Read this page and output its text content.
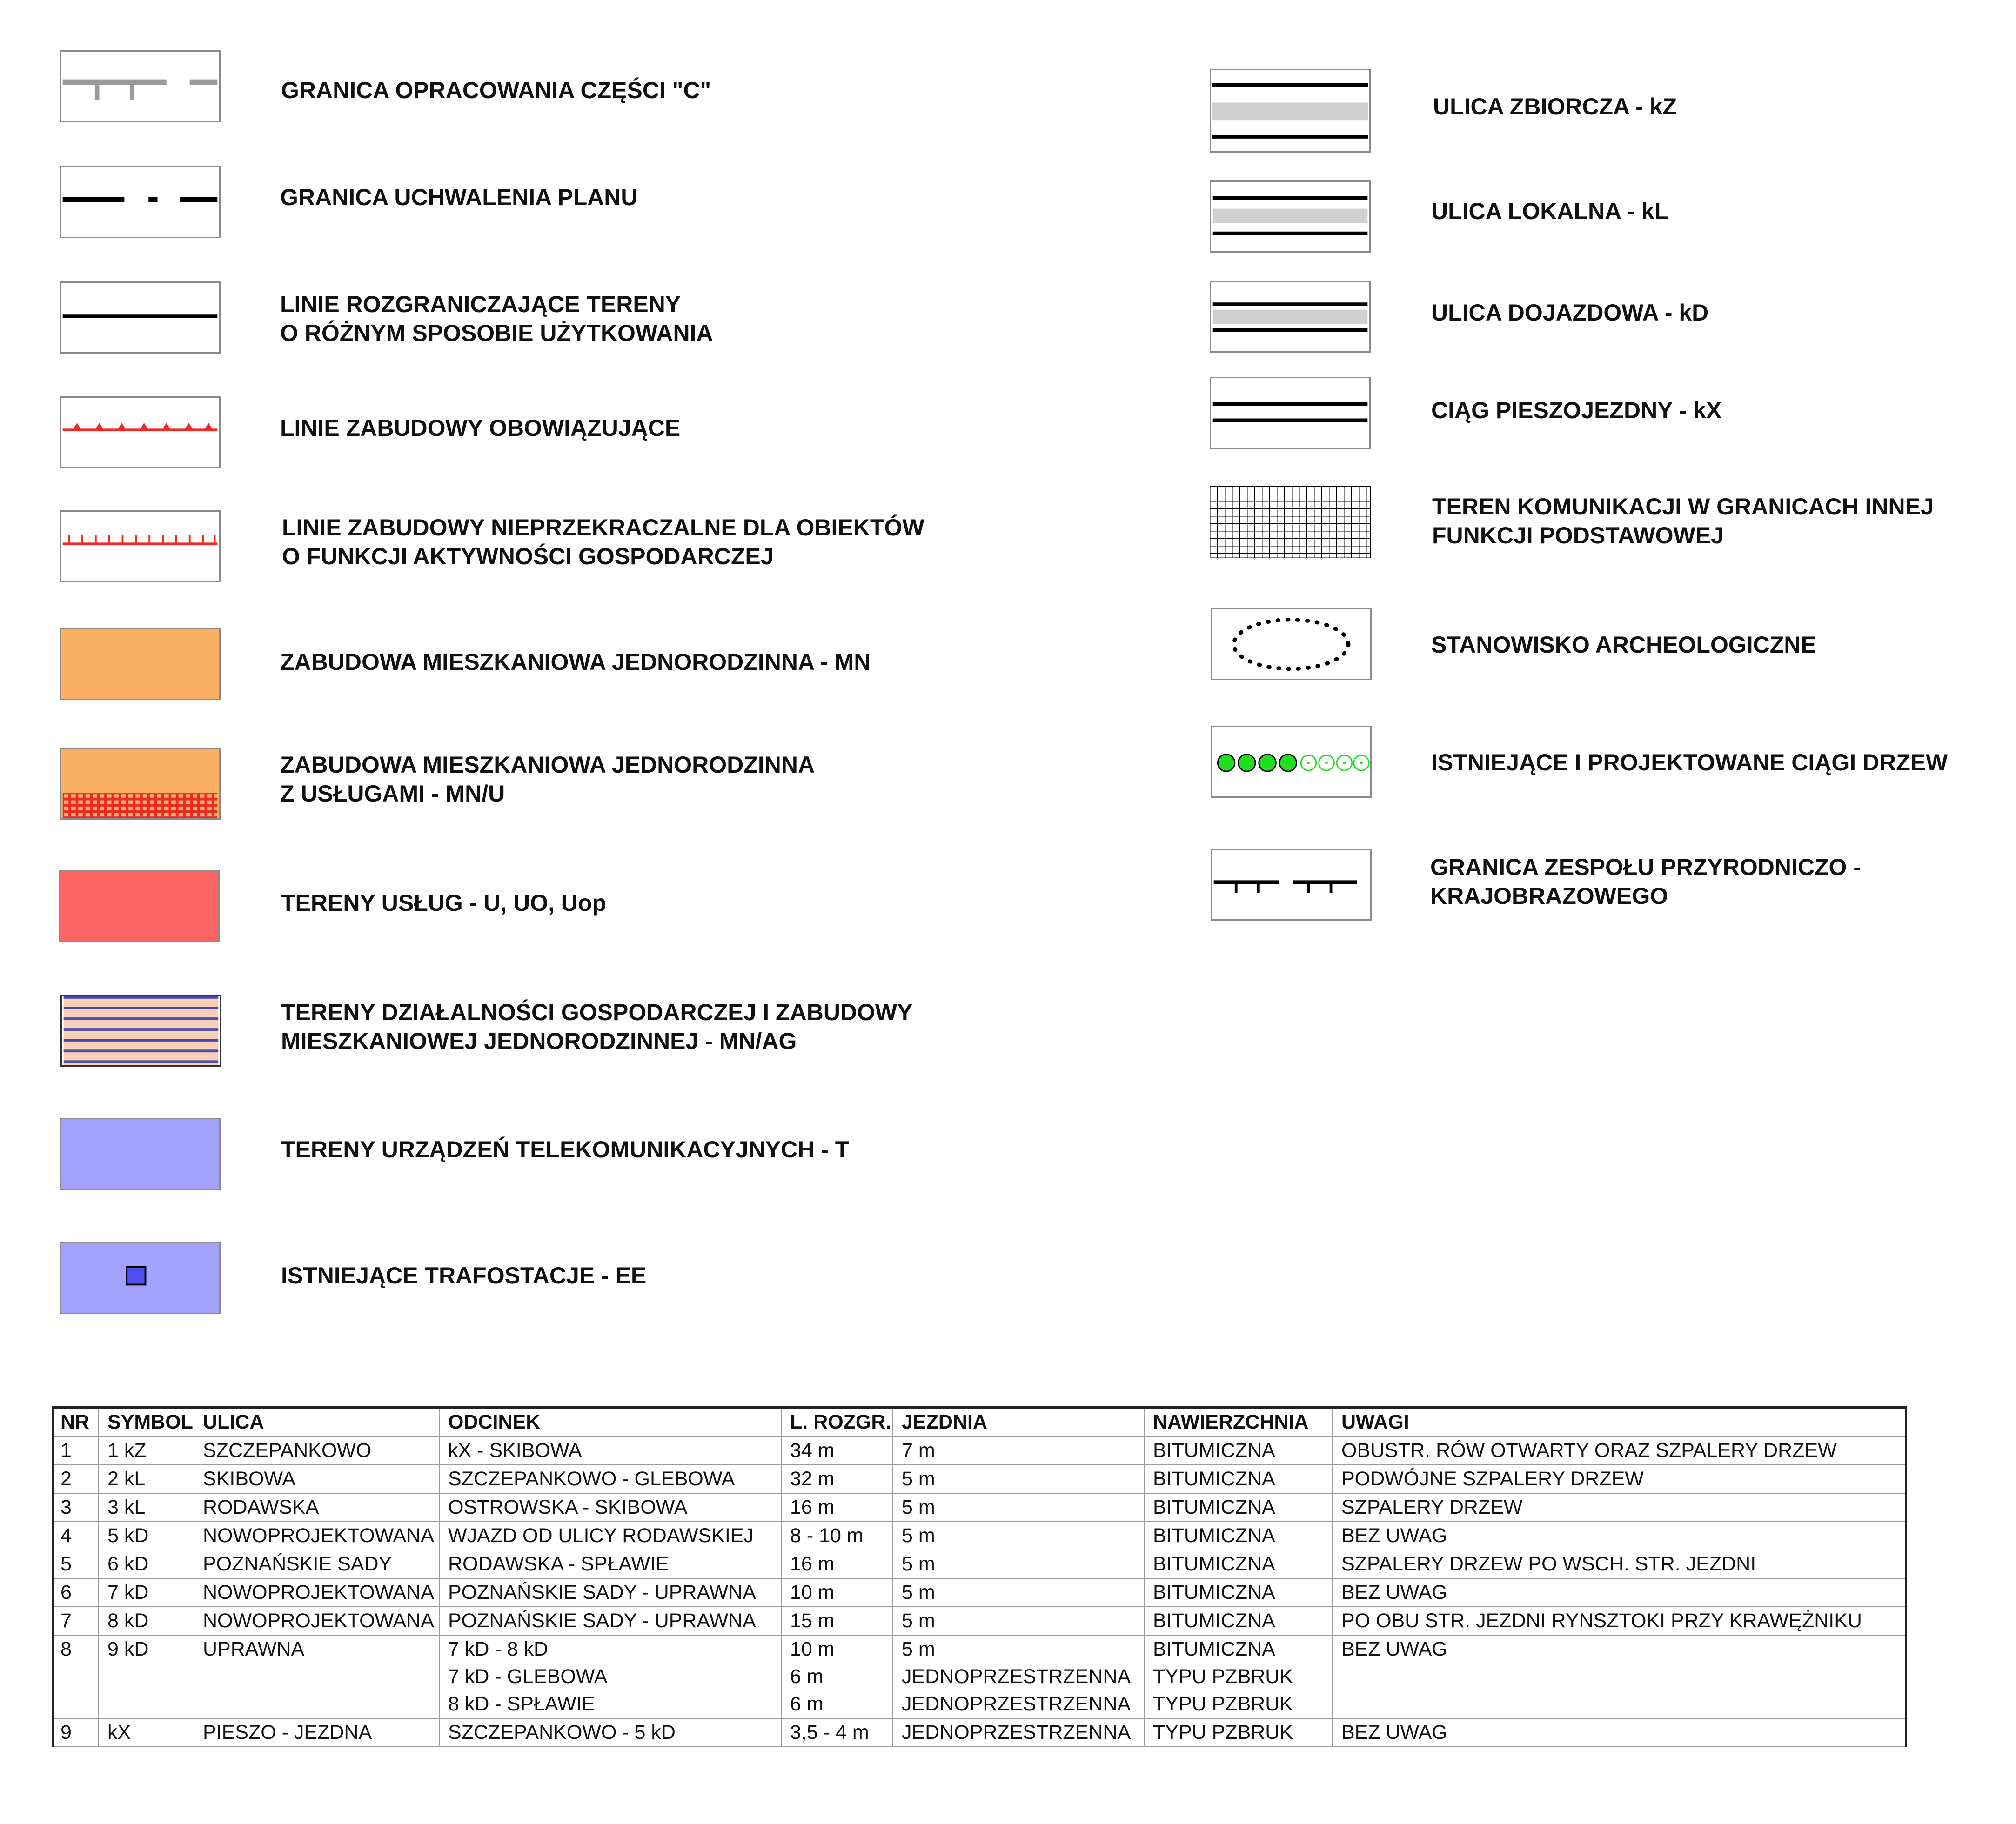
GRANICA OPRACOWANIA CZĘŚCI "C"
GRANICA UCHWALENIA PLANU
LINIE ROZGRANICZAJĄCE TERENY
O RÓŻNYM SPOSOBIE UŻYTKOWANIA
LINIE ZABUDOWY OBOWIĄZUJĄCE
LINIE ZABUDOWY NIEPRZEKRACZALNE DLA OBIEKTÓW
O FUNKCJI AKTYWNOŚCI GOSPODARCZEJ
ZABUDOWA MIESZKANIOWA JEDNORODZINNA - MN
ZABUDOWA MIESZKANIOWA JEDNORODZINNA
Z USŁUGAMI - MN/U
TERENY USŁUG - U, UO, Uop
TERENY DZIAŁALNOŚCI GOSPODARCZEJ I ZABUDOWY
MIESZKANIOWEJ JEDNORODZINNEJ - MN/AG
TERENY URZĄDZEŃ TELEKOMUNIKACYJNYCH - T
ISTNIEJĄCE TRAFOSTACJE - EE
ULICA ZBIORCZA - kZ
ULICA LOKALNA - kL
ULICA DOJAZDOWA - kD
CIĄG PIESZOJEZDNY - kX
TEREN KOMUNIKACJI W GRANICACH INNEJ
FUNKCJI PODSTAWOWEJ
STANOWISKO ARCHEOLOGICZNE
ISTNIEJĄCE I PROJEKTOWANE CIĄGI DRZEW
GRANICA ZESPOŁU PRZYRODNICZO -
KRAJOBRAZOWEGO
NR	SYMBOL	ULICA	ODCINEK	L. ROZGR.	JEZDNIA	NAWIERZCHNIA	UWAGI
1	1 kZ	SZCZEPANKOWO	kX - SKIBOWA	34 m	7 m	BITUMICZNA	OBUSTR. RÓW OTWARTY ORAZ SZPALERY DRZEW
2	2 kL	SKIBOWA	SZCZEPANKOWO - GLEBOWA	32 m	5 m	BITUMICZNA	PODWÓJNE SZPALERY DRZEW
3	3 kL	RODAWSKA	OSTROWSKA - SKIBOWA	16 m	5 m	BITUMICZNA	SZPALERY DRZEW
4	5 kD	NOWOPROJEKTOWANA	WJAZD OD ULICY RODAWSKIEJ	8 - 10 m	5 m	BITUMICZNA	BEZ UWAG
5	6 kD	POZNAŃSKIE SADY	RODAWSKA - SPŁAWIE	16 m	5 m	BITUMICZNA	SZPALERY DRZEW PO WSCH. STR. JEZDNI
6	7 kD	NOWOPROJEKTOWANA	POZNAŃSKIE SADY - UPRAWNA	10 m	5 m	BITUMICZNA	BEZ UWAG
7	8 kD	NOWOPROJEKTOWANA	POZNAŃSKIE SADY - UPRAWNA	15 m	5 m	BITUMICZNA	PO OBU STR. JEZDNI RYNSZTOKI PRZY KRAWĘŻNIKU
8	9 kD	UPRAWNA	7 kD - 8 kD	10 m	5 m	BITUMICZNA	BEZ UWAG
			7 kD - GLEBOWA	6 m	JEDNOPRZESTRZENNA	TYPU PZBRUK	
			8 kD - SPŁAWIE	6 m	JEDNOPRZESTRZENNA	TYPU PZBRUK	
9	kX	PIESZO - JEZDNA	SZCZEPANKOWO - 5 kD	3,5 - 4 m	JEDNOPRZESTRZENNA	TYPU PZBRUK	BEZ UWAG
